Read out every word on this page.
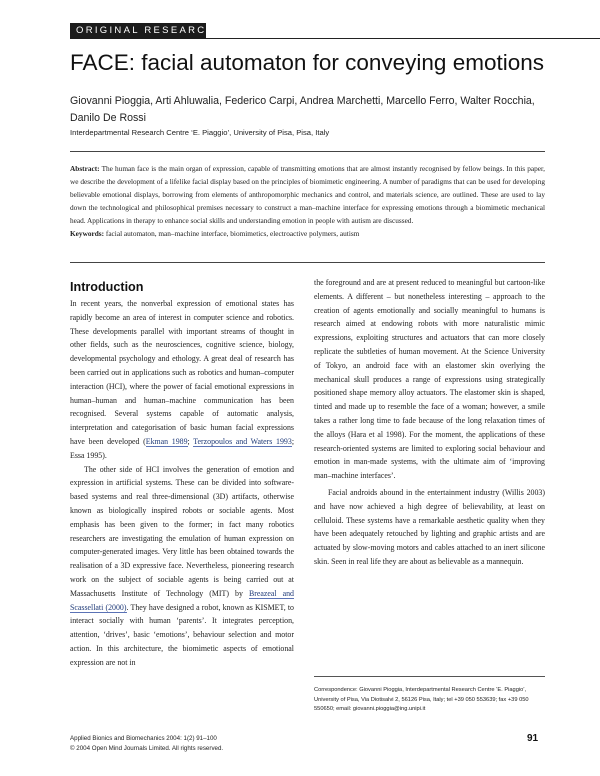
ORIGINAL RESEARCH
FACE: facial automaton for conveying emotions
Giovanni Pioggia, Arti Ahluwalia, Federico Carpi, Andrea Marchetti, Marcello Ferro, Walter Rocchia, Danilo De Rossi
Interdepartmental Research Centre ‘E. Piaggio’, University of Pisa, Pisa, Italy
Abstract: The human face is the main organ of expression, capable of transmitting emotions that are almost instantly recognised by fellow beings. In this paper, we describe the development of a lifelike facial display based on the principles of biomimetic engineering. A number of paradigms that can be used for developing believable emotional displays, borrowing from elements of anthropomorphic mechanics and control, and materials science, are outlined. These are used to lay down the technological and philosophical premises necessary to construct a man–machine interface for expressing emotions through a biomimetic mechanical head. Applications in therapy to enhance social skills and understanding emotion in people with autism are discussed.
Keywords: facial automaton, man–machine interface, biomimetics, electroactive polymers, autism
Introduction

In recent years, the nonverbal expression of emotional states has rapidly become an area of interest in computer science and robotics. These developments parallel with important streams of thought in other fields, such as the neurosciences, cognitive science, biology, developmental psychology and ethology. A great deal of research has been carried out in applications such as robotics and human–computer interaction (HCI), where the power of facial emotional expressions in human–human and human–machine communication has been recognised. Several systems capable of automatic analysis, interpretation and categorisation of basic human facial expressions have been developed (Ekman 1989; Terzopoulos and Waters 1993; Essa 1995).

The other side of HCI involves the generation of emotion and expression in artificial systems. These can be divided into software-based systems and real three-dimensional (3D) artifacts, otherwise known as biologically inspired robots or sociable agents. Most emphasis has been given to the former; in fact many robotics researchers are investigating the emulation of human expression on computer-generated images. Very little has been obtained towards the realisation of a 3D expressive face. Nevertheless, pioneering research work on the subject of sociable agents is being carried out at Massachusetts Institute of Technology (MIT) by Breazeal and Scassellati (2000). They have designed a robot, known as KISMET, to interact socially with human ‘parents’. It integrates perception, attention, ‘drives’, basic ‘emotions’, behaviour selection and motor action. In this architecture, the biomimetic aspects of emotional expression are not in

the foreground and are at present reduced to meaningful but cartoon-like elements. A different – but nonetheless interesting – approach to the creation of agents emotionally and socially meaningful to humans is research aimed at endowing robots with more naturalistic mimic expressions, exploiting structures and actuators that can more closely replicate the subtleties of human movement. At the Science University of Tokyo, an android face with an elastomer skin overlying the mechanical skull produces a range of expressions using strategically positioned shape memory alloy actuators. The elastomer skin is shaped, tinted and made up to resemble the face of a woman; however, a smile takes a rather long time to fade because of the long relaxation times of the alloys (Hara et al 1998). For the moment, the applications of these research-oriented systems are limited to exploring social behaviour and emotion in man-made systems, with the ultimate aim of ‘improving man–machine interfaces’.

Facial androids abound in the entertainment industry (Willis 2003) and have now achieved a high degree of believability, at least on celluloid. These systems have a remarkable aesthetic quality when they have been adequately retouched by lighting and graphic artists and are actuated by slow-moving motors and cables attached to an inert silicone skin. Seen in real life they are about as believable as a mannequin.

Correspondence: Giovanni Pioggia, Interdepartmental Research Centre ‘E. Piaggio’, University of Pisa, Via Diotisalvi 2, 56126 Pisa, Italy; tel +39 050 553639; fax +39 050 550650; email: giovanni.pioggia@ing.unipi.it
Applied Bionics and Biomechanics 2004: 1(2) 91–100
© 2004 Open Mind Journals Limited. All rights reserved.
91
